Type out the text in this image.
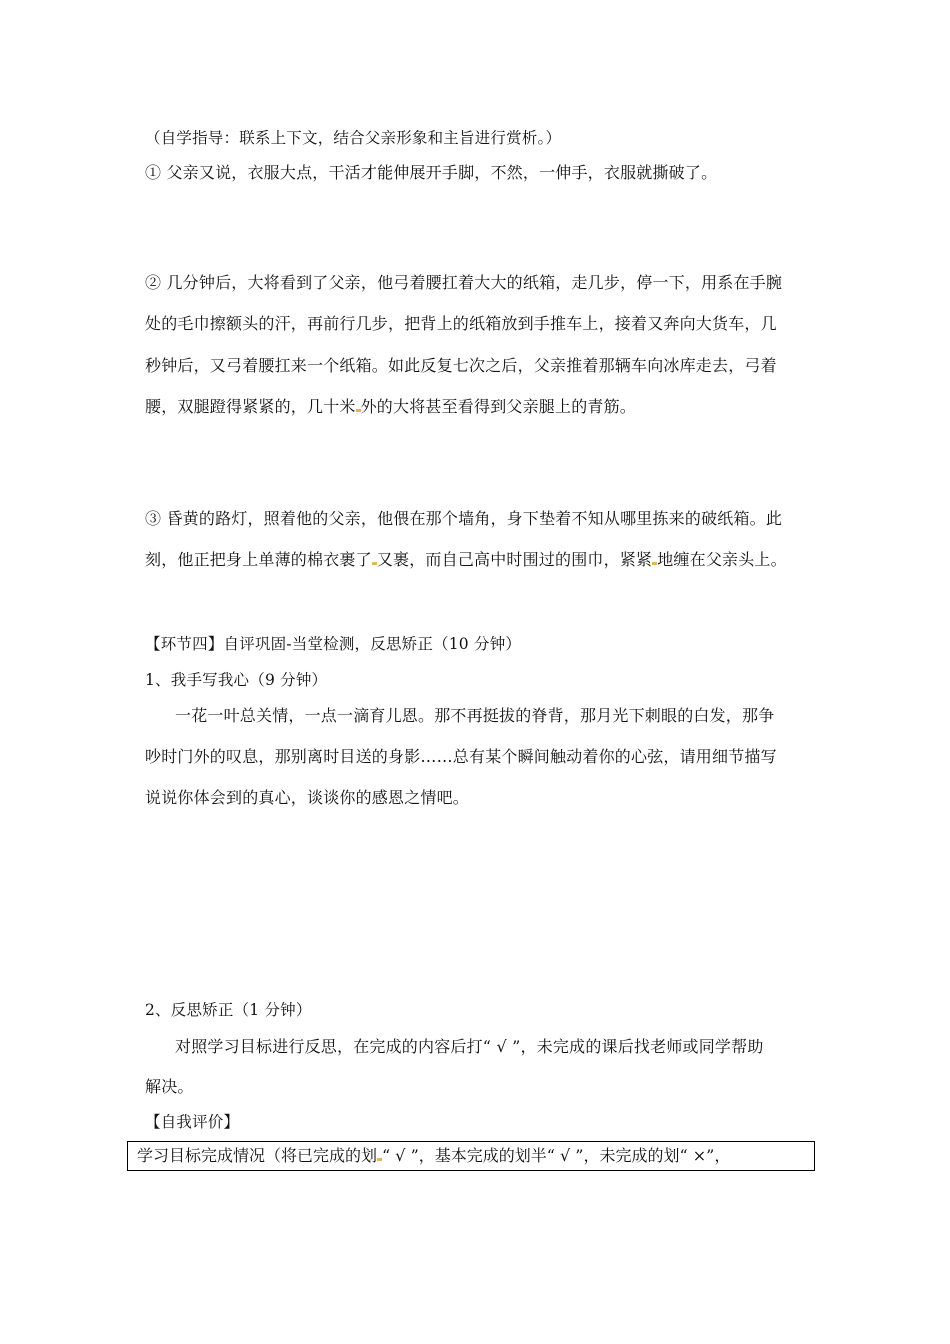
（自学指导：联系上下文，结合父亲形象和主旨进行赏析。）
① 父亲又说，衣服大点，干活才能伸展开手脚，不然，一伸手，衣服就撕破了。
② 几分钟后，大将看到了父亲，他弓着腰扛着大大的纸箱，走几步，停一下，用系在手腕
处的毛巾擦额头的汗，再前行几步，把背上的纸箱放到手推车上，接着又奔向大货车，几
秒钟后，又弓着腰扛来一个纸箱。如此反复七次之后，父亲推着那辆车向冰库走去，弓着
腰，双腿蹬得紧紧的，几十米 外的大将甚至看得到父亲腿上的青筋。
③ 昏黄的路灯，照着他的父亲，他偎在那个墙角，身下垫着不知从哪里拣来的破纸箱。此
刻，他正把身上单薄的棉衣裹了 又裹，而自己高中时围过的围巾，紧紧 地缠在父亲头上。
【环节四】自评巩固-当堂检测，反思矫正（10 分钟）
1、我手写我心（9 分钟）
一花一叶总关情，一点一滴育儿恩。那不再挺拔的脊背，那月光下刺眼的白发，那争
吵时门外的叹息，那别离时目送的身影……总有某个瞬间触动着你的心弦，请用细节描写
说说你体会到的真心，谈谈你的感恩之情吧。
2、反思矫正（1 分钟）
对照学习目标进行反思，在完成的内容后打“ √ ”，未完成的课后找老师或同学帮助
解决。
【自我评价】
学习目标完成情况（将已完成的划 “ √ ”，基本完成的划半“ √ ”，未完成的划“ ×”，
